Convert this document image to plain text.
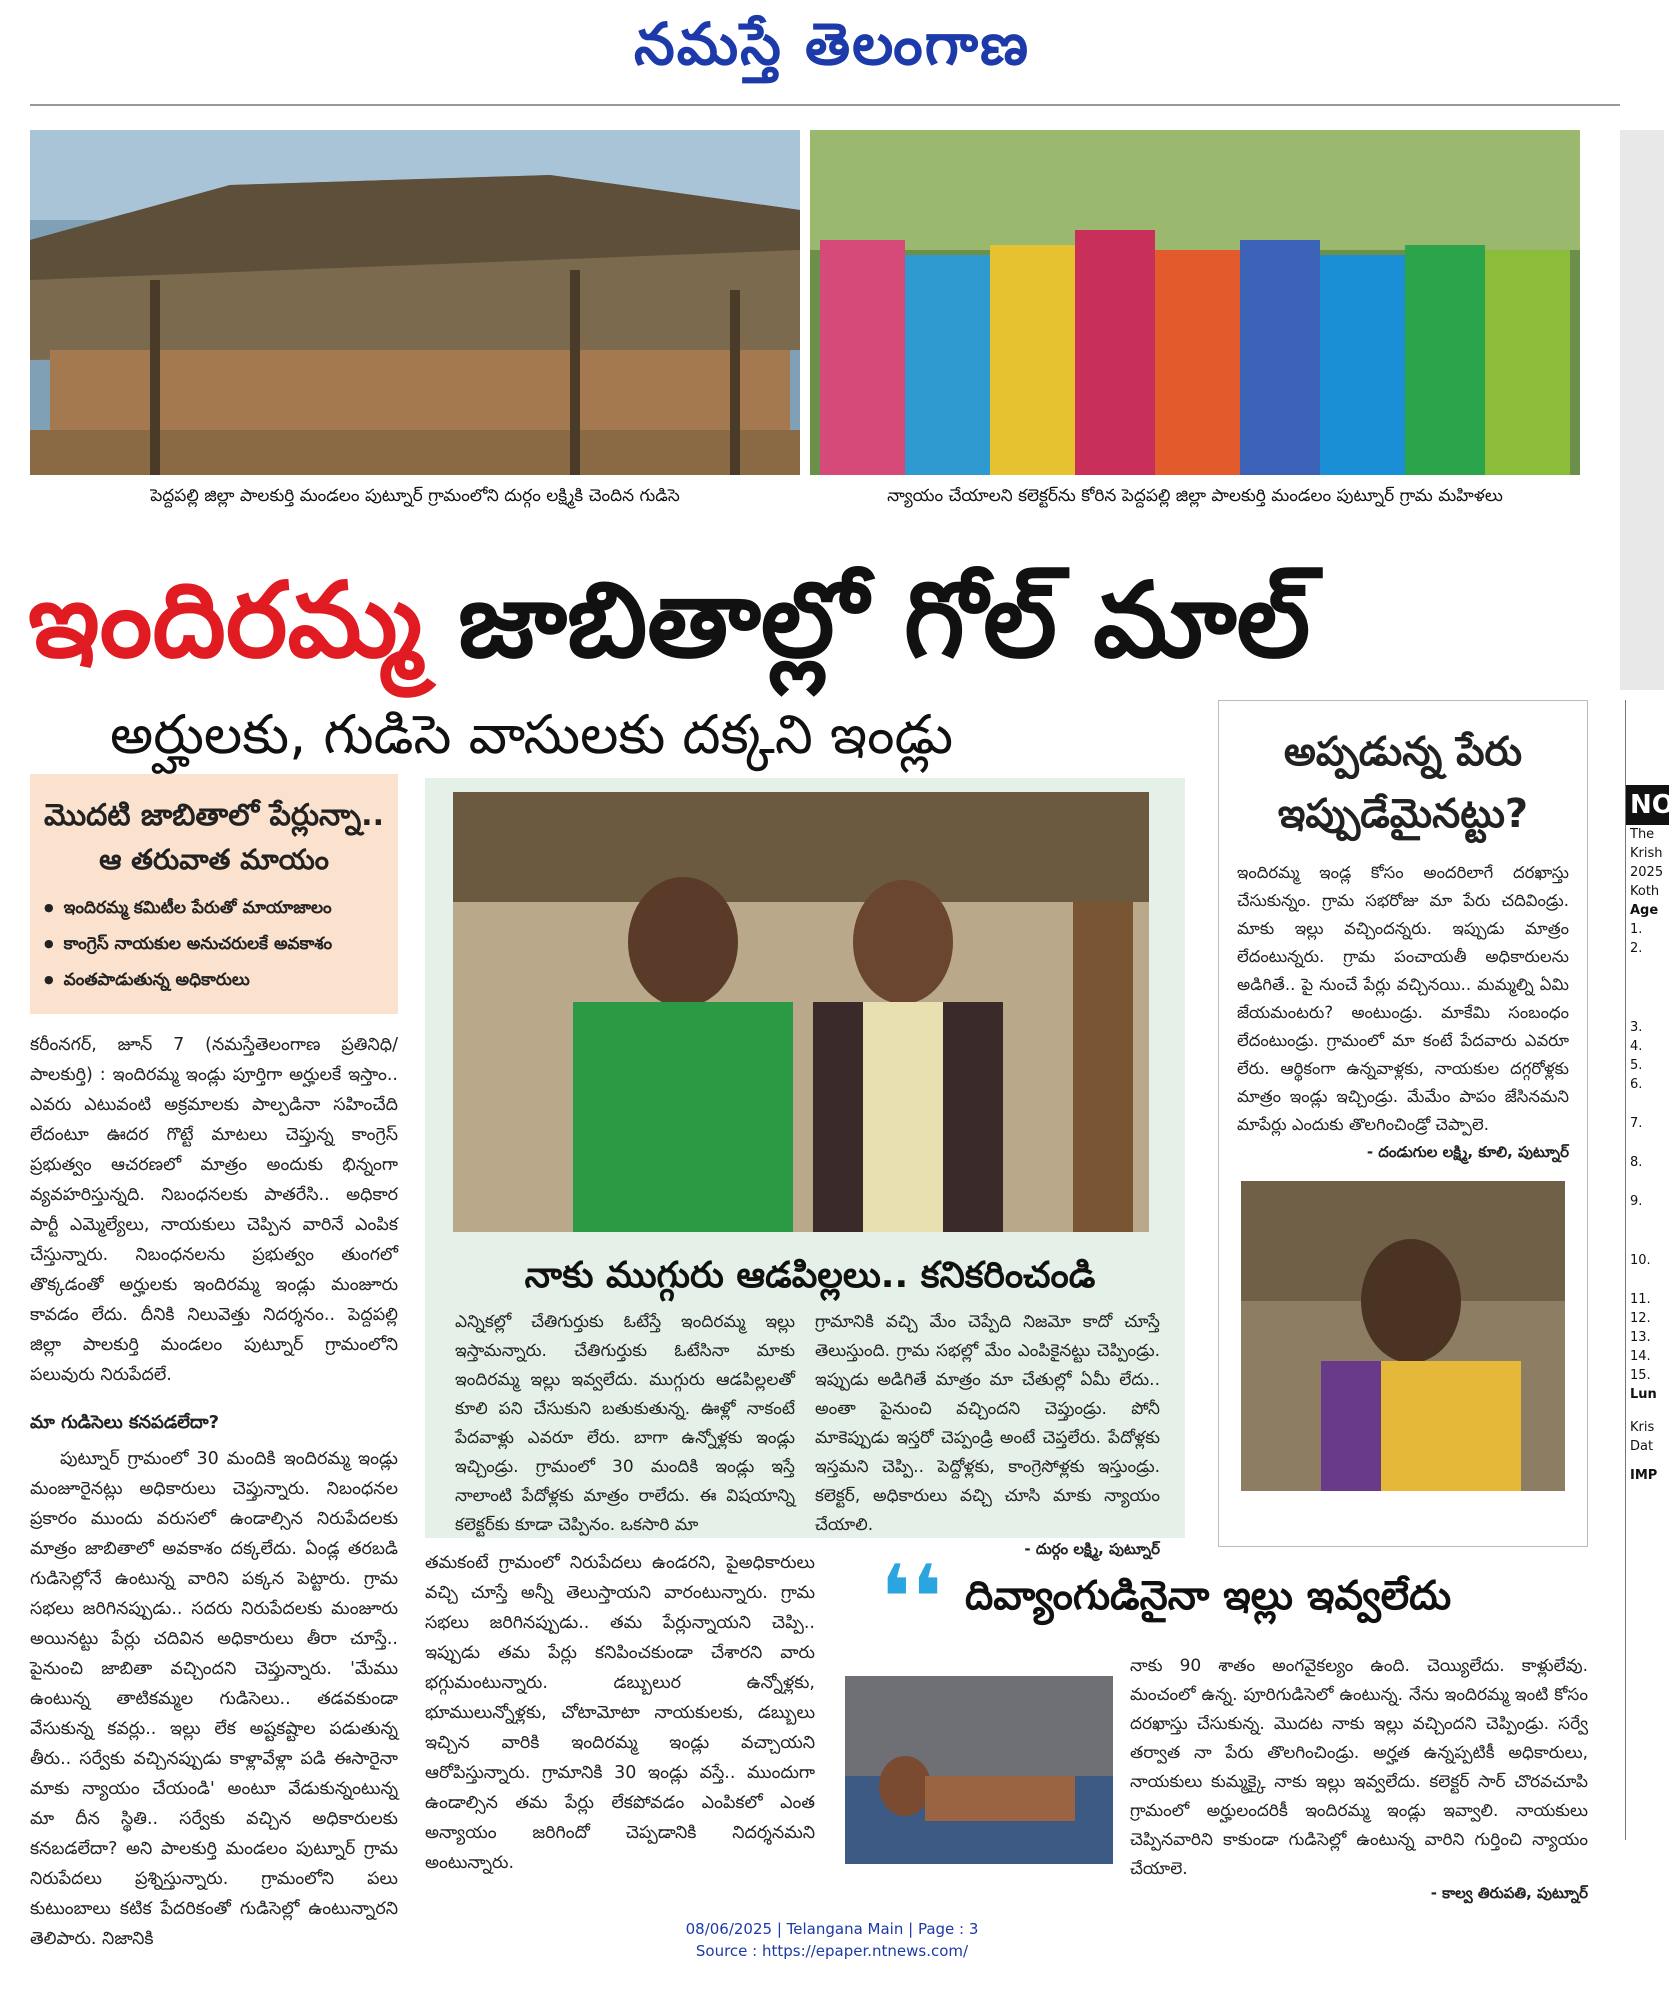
నమస్తే తెలంగాణ
పెద్దపల్లి జిల్లా పాలకుర్తి మండలం పుట్నూర్ గ్రామంలోని దుర్గం లక్ష్మికి చెందిన గుడిసె	న్యాయం చేయాలని కలెక్టర్‌ను కోరిన పెద్దపల్లి జిల్లా పాలకుర్తి మండలం పుట్నూర్ గ్రామ మహిళలు
ఇందిరమ్మ జాబితాల్లో గోల్ మాల్
అర్హులకు, గుడిసె వాసులకు దక్కని ఇండ్లు
మొదటి జాబితాలో పేర్లున్నా..
ఆ తరువాత మాయం
● ఇందిరమ్మ కమిటీల పేరుతో మాయాజాలం
● కాంగ్రెస్ నాయకుల అనుచరులకే అవకాశం
● వంతపాడుతున్న అధికారులు
కరీంనగర్, జూన్ 7 (నమస్తేతెలంగాణ ప్రతినిధి/పాలకుర్తి) : ఇందిరమ్మ ఇండ్లు పూర్తిగా అర్హులకే ఇస్తాం.. ఎవరు ఎటువంటి అక్రమాలకు పాల్పడినా సహించేది లేదంటూ ఊదర గొట్టే మాటలు చెప్తున్న కాంగ్రెస్ ప్రభుత్వం ఆచరణలో మాత్రం అందుకు భిన్నంగా వ్యవహరిస్తున్నది. నిబంధనలకు పాతరేసి.. అధికార పార్టీ ఎమ్మెల్యేలు, నాయకులు చెప్పిన వారినే ఎంపిక చేస్తున్నారు. నిబంధనలను ప్రభుత్వం తుంగలో తొక్కడంతో అర్హులకు ఇందిరమ్మ ఇండ్లు మంజూరు కావడం లేదు. దీనికి నిలువెత్తు నిదర్శనం.. పెద్దపల్లి జిల్లా పాలకుర్తి మండలం పుట్నూర్ గ్రామంలోని పలువురు నిరుపేదలే.
మా గుడిసెలు కనపడలేదా?
పుట్నూర్ గ్రామంలో 30 మందికి ఇందిరమ్మ ఇండ్లు మంజూరైనట్లు అధికారులు చెప్తున్నారు. నిబంధనల ప్రకారం ముందు వరుసలో ఉండాల్సిన నిరుపేదలకు మాత్రం జాబితాలో అవకాశం దక్కలేదు. ఏండ్ల తరబడి గుడిసెల్లోనే ఉంటున్న వారిని పక్కన పెట్టారు. గ్రామ సభలు జరిగినప్పుడు.. సదరు నిరుపేదలకు మంజూరు అయినట్టు పేర్లు చదివిన అధికారులు తీరా చూస్తే.. పైనుంచి జాబితా వచ్చిందని చెప్తున్నారు. 'మేము ఉంటున్న తాటికమ్మల గుడిసెలు.. తడవకుండా వేసుకున్న కవర్లు.. ఇల్లు లేక అష్టకష్టాల పడుతున్న తీరు.. సర్వేకు వచ్చినప్పుడు కాళ్లావేళ్లా పడి ఈసారైనా మాకు న్యాయం చేయండి' అంటూ వేడుకున్నంటున్న మా దీన స్థితి.. సర్వేకు వచ్చిన అధికారులకు కనబడలేదా? అని పాలకుర్తి మండలం పుట్నూర్ గ్రామ నిరుపేదలు ప్రశ్నిస్తున్నారు. గ్రామంలోని పలు కుటుంబాలు కటిక పేదరికంతో గుడిసెల్లో ఉంటున్నారని తెలిపారు. నిజానికి
నాకు ముగ్గురు ఆడపిల్లలు.. కనికరించండి
ఎన్నికల్లో చేతిగుర్తుకు ఓటేస్తే ఇందిరమ్మ ఇల్లు ఇస్తామన్నారు. చేతిగుర్తుకు ఓటేసినా మాకు ఇందిరమ్మ ఇల్లు ఇవ్వలేదు. ముగ్గురు ఆడపిల్లలతో కూలి పని చేసుకుని బతుకుతున్న. ఊళ్లో నాకంటే పేదవాళ్లు ఎవరూ లేరు. బాగా ఉన్నోళ్లకు ఇండ్లు ఇచ్చిండ్రు. గ్రామంలో 30 మందికి ఇండ్లు ఇస్తే నాలాంటి పేదోళ్లకు మాత్రం రాలేదు. ఈ విషయాన్ని కలెక్టర్‌కు కూడా చెప్పినం. ఒకసారి మా
గ్రామానికి వచ్చి మేం చెప్పేది నిజమో కాదో చూస్తే తెలుస్తుంది. గ్రామ సభల్లో మేం ఎంపికైనట్టు చెప్పిండ్రు. ఇప్పుడు అడిగితే మాత్రం మా చేతుల్లో ఏమీ లేదు.. అంతా పైనుంచి వచ్చిందని చెప్తుండ్రు. పోనీ మాకెప్పుడు ఇస్తరో చెప్పండ్రి అంటే చెప్తలేరు. పేదోళ్లకు ఇస్తమని చెప్పి.. పెద్దోళ్లకు, కాంగ్రెసోళ్లకు ఇస్తుండ్రు. కలెక్టర్, అధికారులు వచ్చి చూసి మాకు న్యాయం చేయాలి.
- దుర్గం లక్ష్మి, పుట్నూర్
తమకంటే గ్రామంలో నిరుపేదలు ఉండరని, పైఅధికారులు వచ్చి చూస్తే అన్నీ తెలుస్తాయని వారంటున్నారు. గ్రామ సభలు జరిగినప్పుడు.. తమ పేర్లున్నాయని చెప్పి.. ఇప్పుడు తమ పేర్లు కనిపించకుండా చేశారని వారు భగ్గుమంటున్నారు. డబ్బులుర ఉన్నోళ్లకు, భూములున్నోళ్లకు, చోటామోటా నాయకులకు, డబ్బులు ఇచ్చిన వారికి ఇందిరమ్మ ఇండ్లు వచ్చాయని ఆరోపిస్తున్నారు. గ్రామానికి 30 ఇండ్లు వస్తే.. ముందుగా ఉండాల్సిన తమ పేర్లు లేకపోవడం ఎంపికలో ఎంత అన్యాయం జరిగిందో చెప్పడానికి నిదర్శనమని అంటున్నారు.
అప్పడున్న పేరు
ఇప్పుడేమైనట్టు?
ఇందిరమ్మ ఇండ్ల కోసం అందరిలాగే దరఖాస్తు చేసుకున్నం. గ్రామ సభరోజు మా పేరు చదివిండ్రు. మాకు ఇల్లు వచ్చిందన్నరు. ఇప్పుడు మాత్రం లేదంటున్నరు. గ్రామ పంచాయతీ అధికారులను అడిగితే.. పై నుంచే పేర్లు వచ్చినయి.. మమ్మల్ని ఏమి జేయమంటరు? అంటుండ్రు. మాకేమి సంబంధం లేదంటుండ్రు. గ్రామంలో మా కంటే పేదవారు ఎవరూ లేరు. ఆర్థికంగా ఉన్నవాళ్లకు, నాయకుల దగ్గరోళ్లకు మాత్రం ఇండ్లు ఇచ్చిండ్రు. మేమేం పాపం జేసినమని మాపేర్లు ఎందుకు తొలగించిండ్రో చెప్పాలె.
- దండుగుల లక్ష్మి, కూలి, పుట్నూర్
❛❛ దివ్యాంగుడినైనా ఇల్లు ఇవ్వలేదు
నాకు 90 శాతం అంగవైకల్యం ఉంది. చెయ్యిలేదు. కాళ్లులేవు. మంచంలో ఉన్న. పూరిగుడిసెలో ఉంటున్న. నేను ఇందిరమ్మ ఇంటి కోసం దరఖాస్తు చేసుకున్న. మొదట నాకు ఇల్లు వచ్చిందని చెప్పిండ్రు. సర్వే తర్వాత నా పేరు తొలగించిండ్రు. అర్హత ఉన్నప్పటికీ అధికారులు, నాయకులు కుమ్మక్కై నాకు ఇల్లు ఇవ్వలేదు. కలెక్టర్ సార్ చొరవచూపి గ్రామంలో అర్హులందరికీ ఇందిరమ్మ ఇండ్లు ఇవ్వాలి. నాయకులు చెప్పినవారిని కాకుండా గుడిసెల్లో ఉంటున్న వారిని గుర్తించి న్యాయం చేయాలె.
- కాల్వ తిరుపతి, పుట్నూర్
NO
The
Krish
2025
Koth
Age
1.
2.
3.
4.
5.
6.
7.
8.
9.
10.
11.
12.
13.
14.
15.
Lun
Kris
Dat
IMP
08/06/2025 | Telangana Main | Page : 3
Source : https://epaper.ntnews.com/
